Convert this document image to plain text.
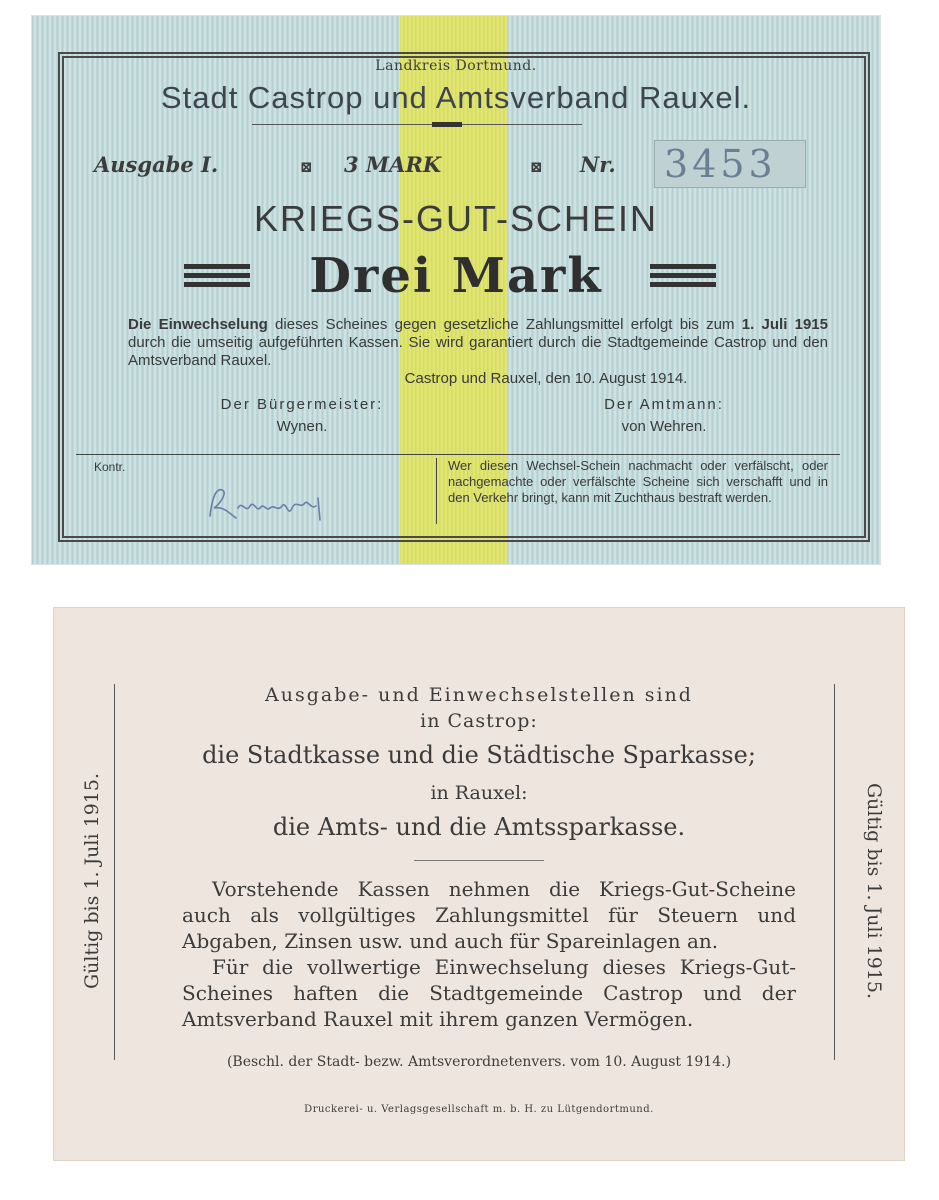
Landkreis Dortmund.
Stadt Castrop und Amtsverband Rauxel.
Ausgabe I.	⊠ 3 MARK	⊠ Nr. 3453
KRIEGS-GUT-SCHEIN
Drei Mark
Die Einwechselung dieses Scheines gegen gesetzliche Zahlungsmittel erfolgt bis zum 1. Juli 1915 durch die umseitig aufgeführten Kassen. Sie wird garantiert durch die Stadtgemeinde Castrop und den Amtsverband Rauxel.
Castrop und Rauxel, den 10. August 1914.
Der Bürgermeister:	Der Amtmann:
Wynen.	von Wehren.
Kontr.	Wer diesen Wechsel-Schein nachmacht oder verfälscht, oder nachgemachte oder verfälschte Scheine sich verschafft und in den Verkehr bringt, kann mit Zuchthaus bestraft werden.
Gültig bis 1. Juli 1915.	Gültig bis 1. Juli 1915.
Ausgabe- und Einwechselstellen sind
in Castrop:
die Stadtkasse und die Städtische Sparkasse;
in Rauxel:
die Amts- und die Amtssparkasse.

Vorstehende Kassen nehmen die Kriegs-Gut-Scheine auch als vollgültiges Zahlungsmittel für Steuern und Abgaben, Zinsen usw. und auch für Spareinlagen an.

Für die vollwertige Einwechselung dieses Kriegs-Gut-Scheines haften die Stadtgemeinde Castrop und der Amtsverband Rauxel mit ihrem ganzen Vermögen.

(Beschl. der Stadt- bezw. Amtsverordnetenvers. vom 10. August 1914.)
Druckerei- u. Verlagsgesellschaft m. b. H. zu Lütgendortmund.
